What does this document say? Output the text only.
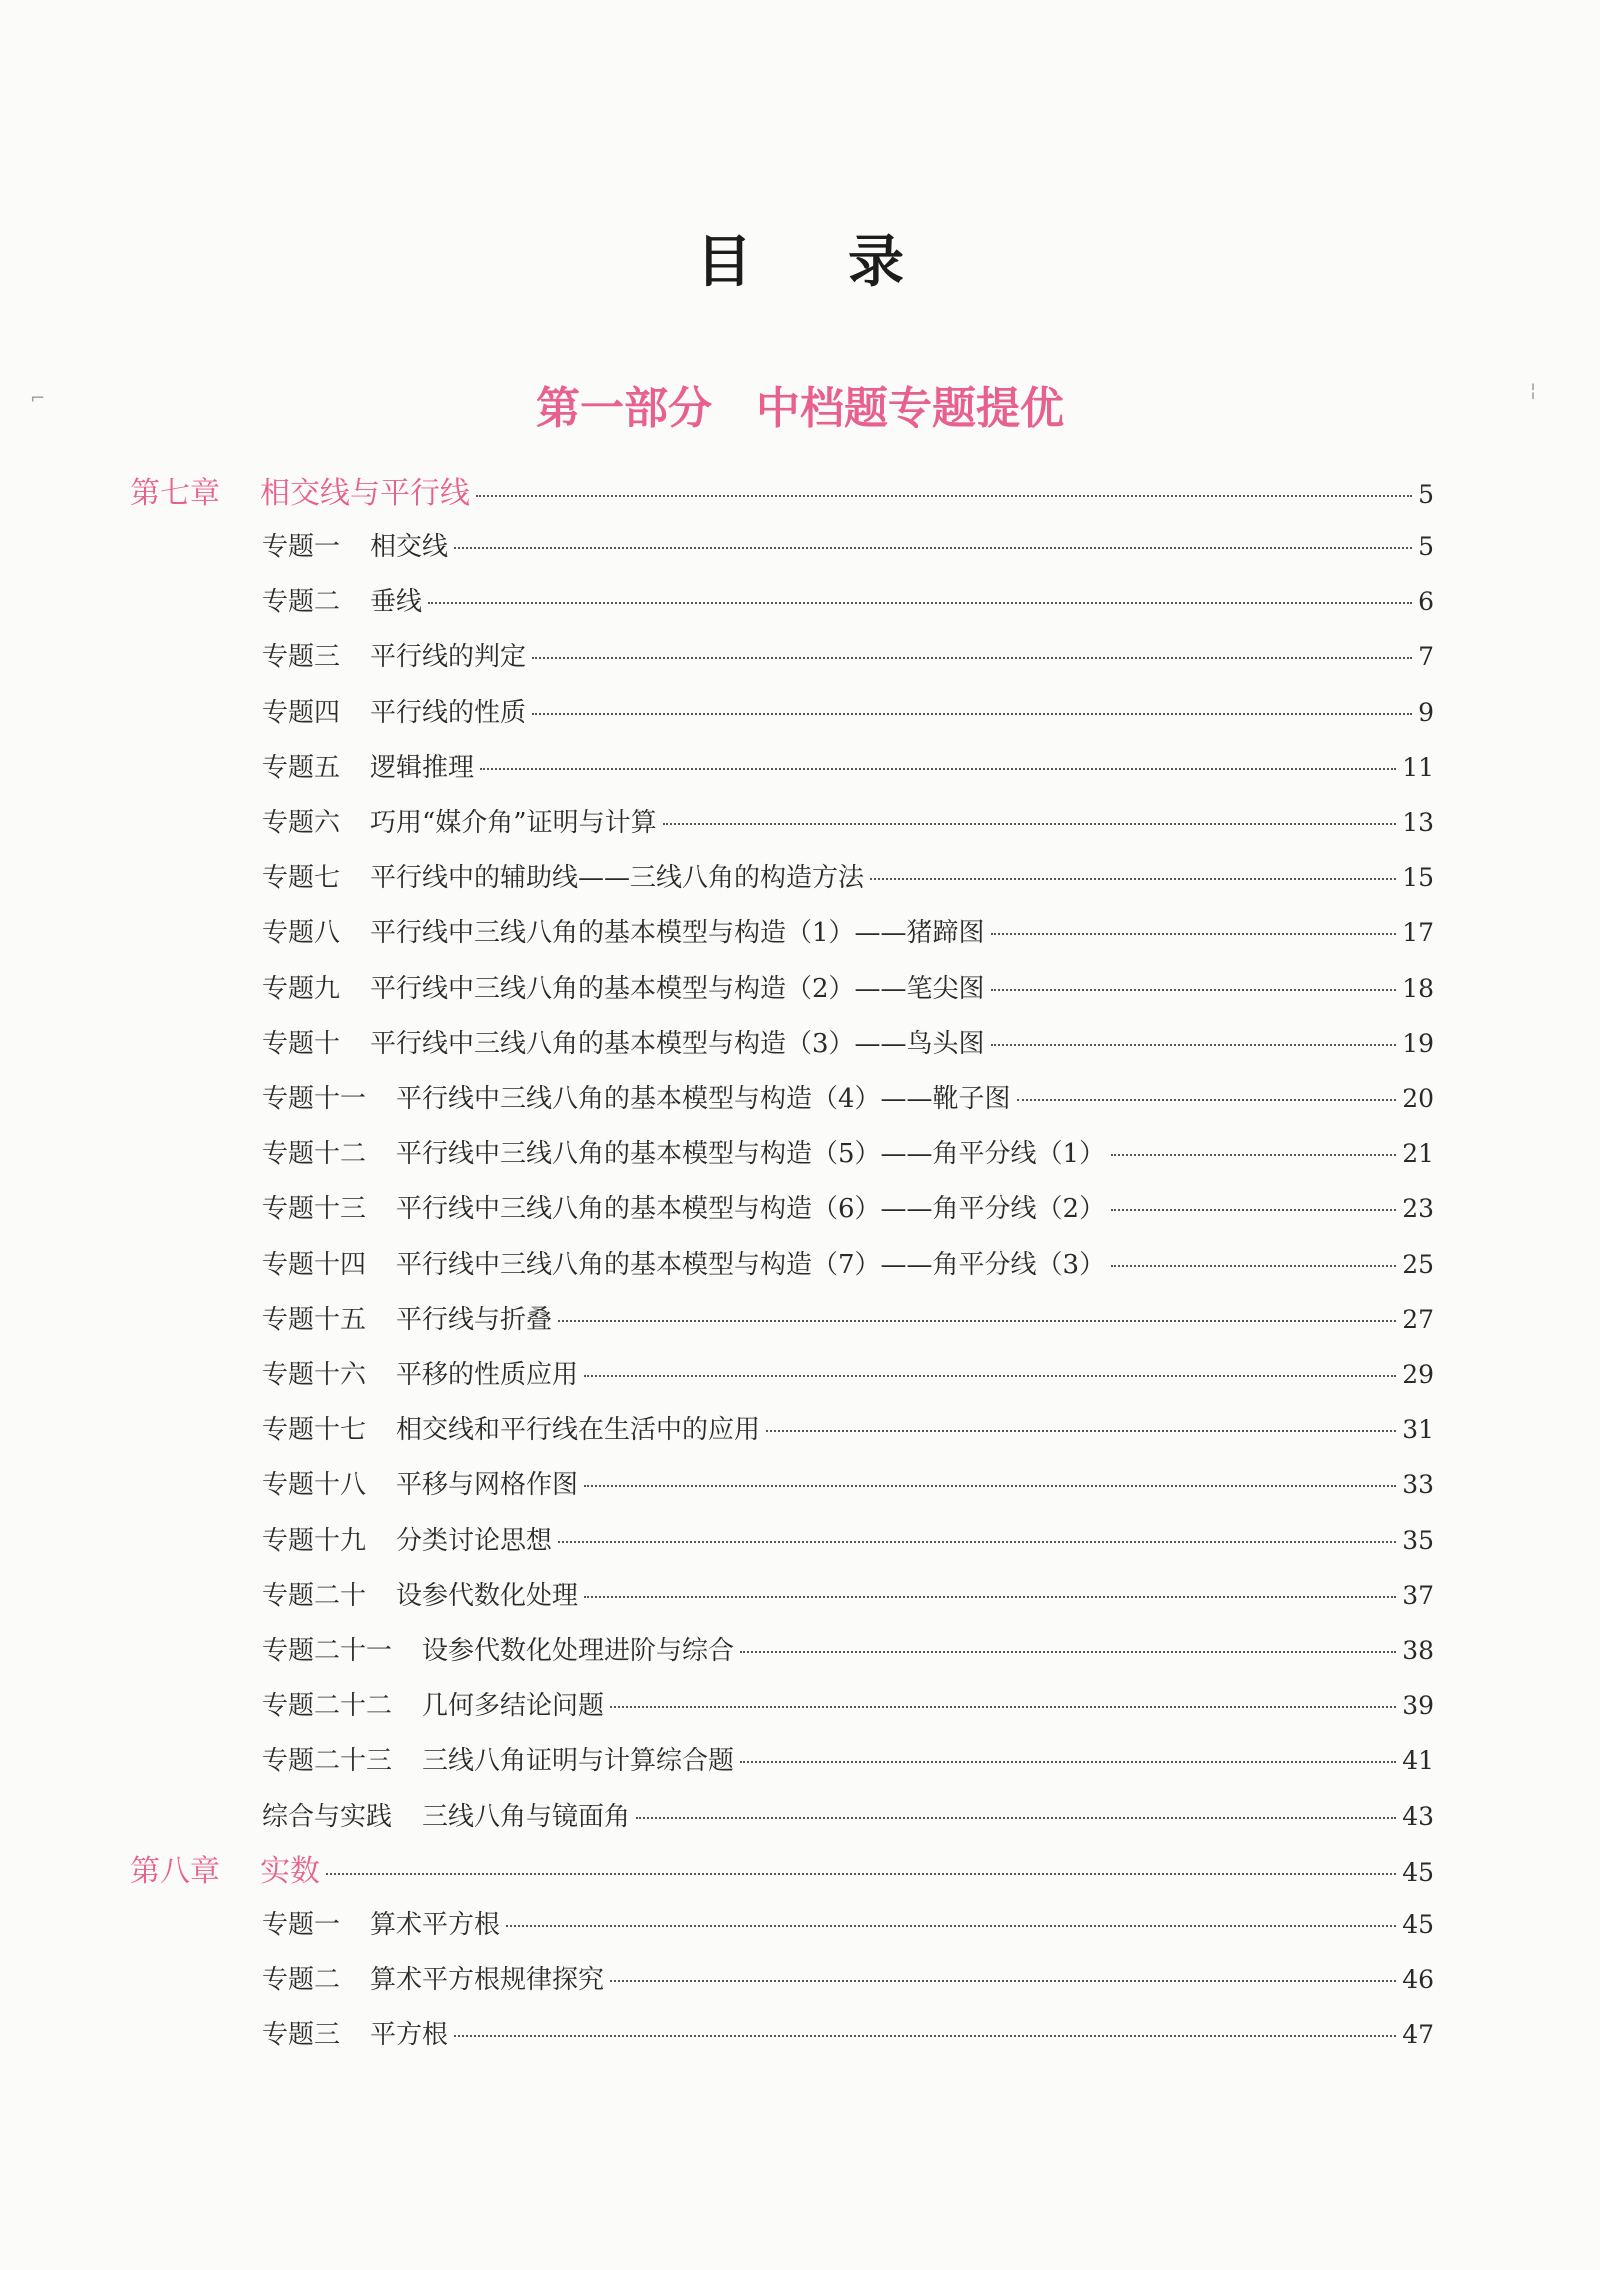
目 录
第一部分 中档题专题提优
第七章	相交线与平行线	5
专题一 相交线	5
专题二 垂线	6
专题三 平行线的判定	7
专题四 平行线的性质	9
专题五 逻辑推理	11
专题六 巧用“媒介角”证明与计算	13
专题七 平行线中的辅助线——三线八角的构造方法	15
专题八 平行线中三线八角的基本模型与构造（1）——猪蹄图	17
专题九 平行线中三线八角的基本模型与构造（2）——笔尖图	18
专题十 平行线中三线八角的基本模型与构造（3）——鸟头图	19
专题十一 平行线中三线八角的基本模型与构造（4）——靴子图	20
专题十二 平行线中三线八角的基本模型与构造（5）——角平分线（1）	21
专题十三 平行线中三线八角的基本模型与构造（6）——角平分线（2）	23
专题十四 平行线中三线八角的基本模型与构造（7）——角平分线（3）	25
专题十五 平行线与折叠	27
专题十六 平移的性质应用	29
专题十七 相交线和平行线在生活中的应用	31
专题十八 平移与网格作图	33
专题十九 分类讨论思想	35
专题二十 设参代数化处理	37
专题二十一 设参代数化处理进阶与综合	38
专题二十二 几何多结论问题	39
专题二十三 三线八角证明与计算综合题	41
综合与实践 三线八角与镜面角	43
第八章	实数	45
专题一 算术平方根	45
专题二 算术平方根规律探究	46
专题三 平方根	47
⌐	¦
